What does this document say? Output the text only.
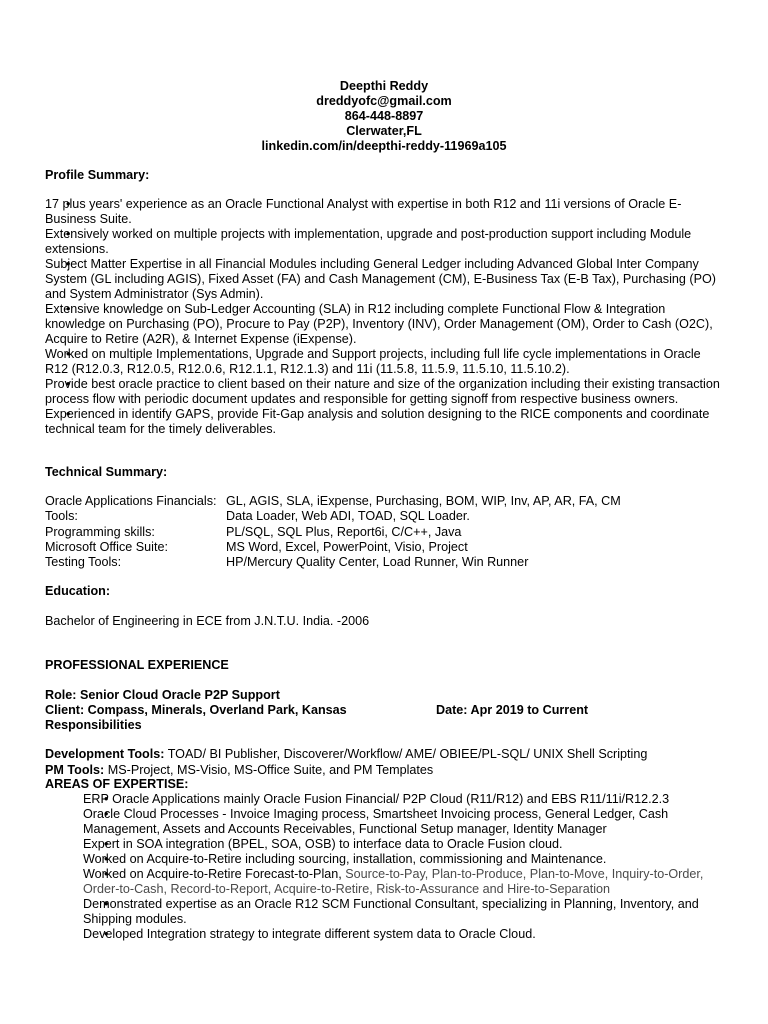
Deepthi Reddy
dreddyofc@gmail.com
864-448-8897
Clerwater,FL
linkedin.com/in/deepthi-reddy-11969a105
Profile Summary:
• 17 plus years' experience as an Oracle Functional Analyst with expertise in both R12 and 11i versions of Oracle E-Business Suite.
• Extensively worked on multiple projects with implementation, upgrade and post-production support including Module extensions.
• Subject Matter Expertise in all Financial Modules including General Ledger including Advanced Global Inter Company System (GL including AGIS), Fixed Asset (FA) and Cash Management (CM), E-Business Tax (E-B Tax), Purchasing (PO) and System Administrator (Sys Admin).
• Extensive knowledge on Sub-Ledger Accounting (SLA) in R12 including complete Functional Flow & Integration knowledge on Purchasing (PO), Procure to Pay (P2P), Inventory (INV), Order Management (OM), Order to Cash (O2C), Acquire to Retire (A2R), & Internet Expense (iExpense).
• Worked on multiple Implementations, Upgrade and Support projects, including full life cycle implementations in Oracle R12 (R12.0.3, R12.0.5, R12.0.6, R12.1.1, R12.1.3) and 11i (11.5.8, 11.5.9, 11.5.10, 11.5.10.2).
• Provide best oracle practice to client based on their nature and size of the organization including their existing transaction process flow with periodic document updates and responsible for getting signoff from respective business owners.
• Experienced in identify GAPS, provide Fit-Gap analysis and solution designing to the RICE components and coordinate technical team for the timely deliverables.
Technical Summary:
Oracle Applications Financials: GL, AGIS, SLA, iExpense, Purchasing, BOM, WIP, Inv, AP, AR, FA, CM
Tools:	Data Loader, Web ADI, TOAD, SQL Loader.
Programming skills:	PL/SQL, SQL Plus, Report6i, C/C++, Java
Microsoft Office Suite:	MS Word, Excel, PowerPoint, Visio, Project
Testing Tools:	HP/Mercury Quality Center, Load Runner, Win Runner
Education:
Bachelor of Engineering in ECE from J.N.T.U. India. -2006
PROFESSIONAL EXPERIENCE
Role: Senior Cloud Oracle P2P Support
Client: Compass, Minerals, Overland Park, Kansas	Date: Apr 2019 to Current
Responsibilities
Development Tools: TOAD/ BI Publisher, Discoverer/Workflow/ AME/ OBIEE/PL-SQL/ UNIX Shell Scripting
PM Tools: MS-Project, MS-Visio, MS-Office Suite, and PM Templates
AREAS OF EXPERTISE:
• ERP Oracle Applications mainly Oracle Fusion Financial/ P2P Cloud (R11/R12) and EBS R11/11i/R12.2.3
• Oracle Cloud Processes - Invoice Imaging process, Smartsheet Invoicing process, General Ledger, Cash Management, Assets and Accounts Receivables, Functional Setup manager, Identity Manager
• Expert in SOA integration (BPEL, SOA, OSB) to interface data to Oracle Fusion cloud.
• Worked on Acquire-to-Retire including sourcing, installation, commissioning and Maintenance.
• Worked on Acquire-to-Retire Forecast-to-Plan, Source-to-Pay, Plan-to-Produce, Plan-to-Move, Inquiry-to-Order, Order-to-Cash, Record-to-Report, Acquire-to-Retire, Risk-to-Assurance and Hire-to-Separation
• Demonstrated expertise as an Oracle R12 SCM Functional Consultant, specializing in Planning, Inventory, and Shipping modules.
• Developed Integration strategy to integrate different system data to Oracle Cloud.
